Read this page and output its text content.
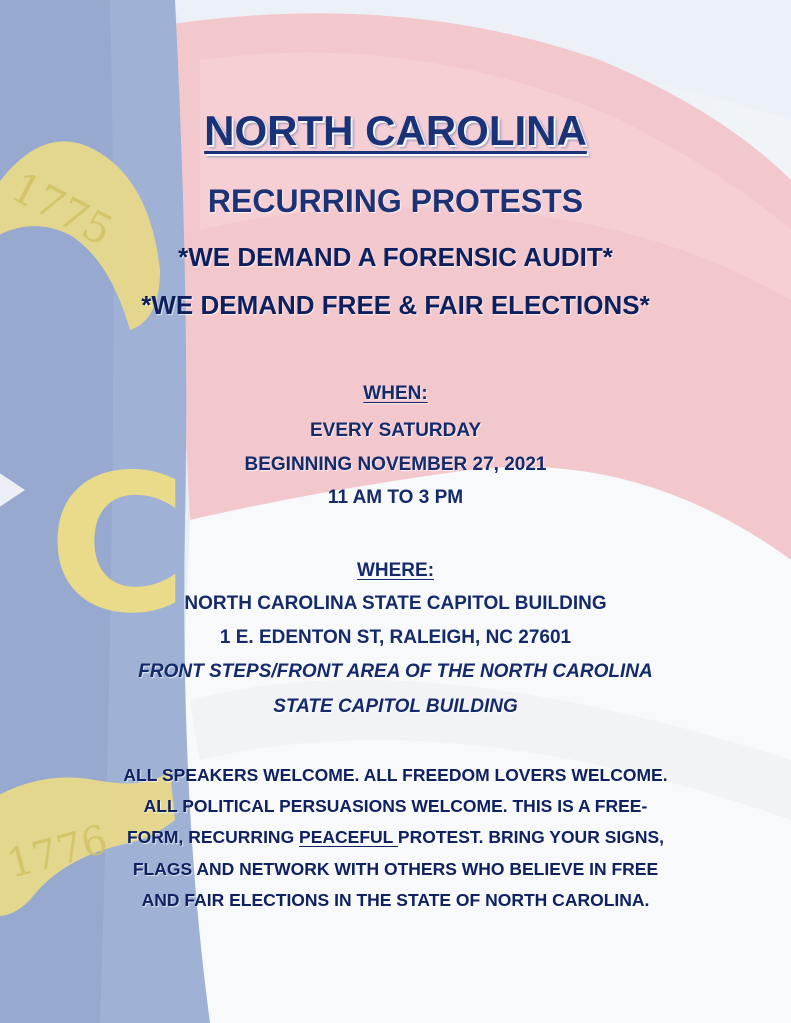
1775
C
1776
NORTH CAROLINA
RECURRING PROTESTS

*WE DEMAND A FORENSIC AUDIT*

*WE DEMAND FREE & FAIR ELECTIONS*

WHEN:

EVERY SATURDAY

BEGINNING NOVEMBER 27, 2021

11 AM TO 3 PM

WHERE:

NORTH CAROLINA STATE CAPITOL BUILDING

1 E. EDENTON ST, RALEIGH, NC 27601

FRONT STEPS/FRONT AREA OF THE NORTH CAROLINA

STATE CAPITOL BUILDING

ALL SPEAKERS WELCOME. ALL FREEDOM LOVERS WELCOME.

ALL POLITICAL PERSUASIONS WELCOME. THIS IS A FREE-

FORM, RECURRING PEACEFUL PROTEST. BRING YOUR SIGNS,

FLAGS AND NETWORK WITH OTHERS WHO BELIEVE IN FREE

AND FAIR ELECTIONS IN THE STATE OF NORTH CAROLINA.
